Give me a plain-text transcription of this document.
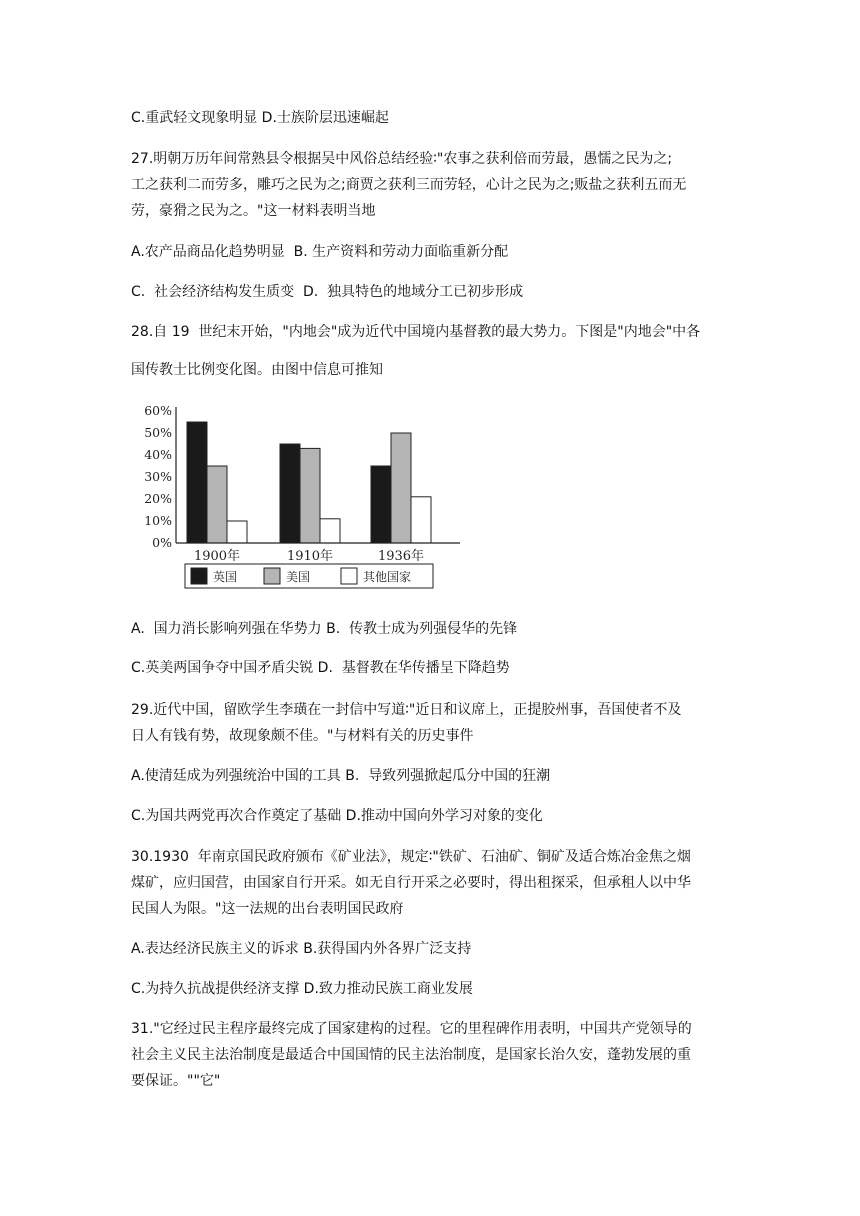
C.重武轻文现象明显 D.士族阶层迅速崛起
27.明朝万历年间常熟县令根据吴中风俗总结经验∶"农事之获利倍而劳最，愚懦之民为之;
工之获利二而劳多，雕巧之民为之;商贾之获利三而劳轻，心计之民为之;贩盐之获利五而无
劳，豪猾之民为之。"这一材料表明当地
A.农产品商品化趋势明显  B. 生产资料和劳动力面临重新分配
C.  社会经济结构发生质变  D.  独具特色的地域分工已初步形成
28.自 19  世纪末开始，"内地会"成为近代中国境内基督教的最大势力。下图是"内地会"中各
国传教士比例变化图。由图中信息可推知
60%
50%
40%
30%
20%
10%
0%
1900年	1910年	1936年
英国	美国	其他国家
A.  国力消长影响列强在华势力 B.  传教士成为列强侵华的先锋
C.英美两国争夺中国矛盾尖锐 D.  基督教在华传播呈下降趋势
29.近代中国，留欧学生李璜在一封信中写道∶"近日和议席上，正提胶州事，吾国使者不及
日人有钱有势，故现象颇不佳。"与材料有关的历史事件
A.使清廷成为列强统治中国的工具 B.  导致列强掀起瓜分中国的狂潮
C.为国共两党再次合作奠定了基础 D.推动中国向外学习对象的变化
30.1930  年南京国民政府颁布《矿业法》，规定∶"铁矿、石油矿、铜矿及适合炼冶金焦之烟
煤矿，应归国营，由国家自行开采。如无自行开采之必要时，得出租探采，但承租人以中华
民国人为限。"这一法规的出台表明国民政府
A.表达经济民族主义的诉求 B.获得国内外各界广泛支持
C.为持久抗战提供经济支撑 D.致力推动民族工商业发展
31."它经过民主程序最终完成了国家建构的过程。它的里程碑作用表明，中国共产党领导的
社会主义民主法治制度是最适合中国国情的民主法治制度，是国家长治久安，蓬勃发展的重
要保证。""它"
